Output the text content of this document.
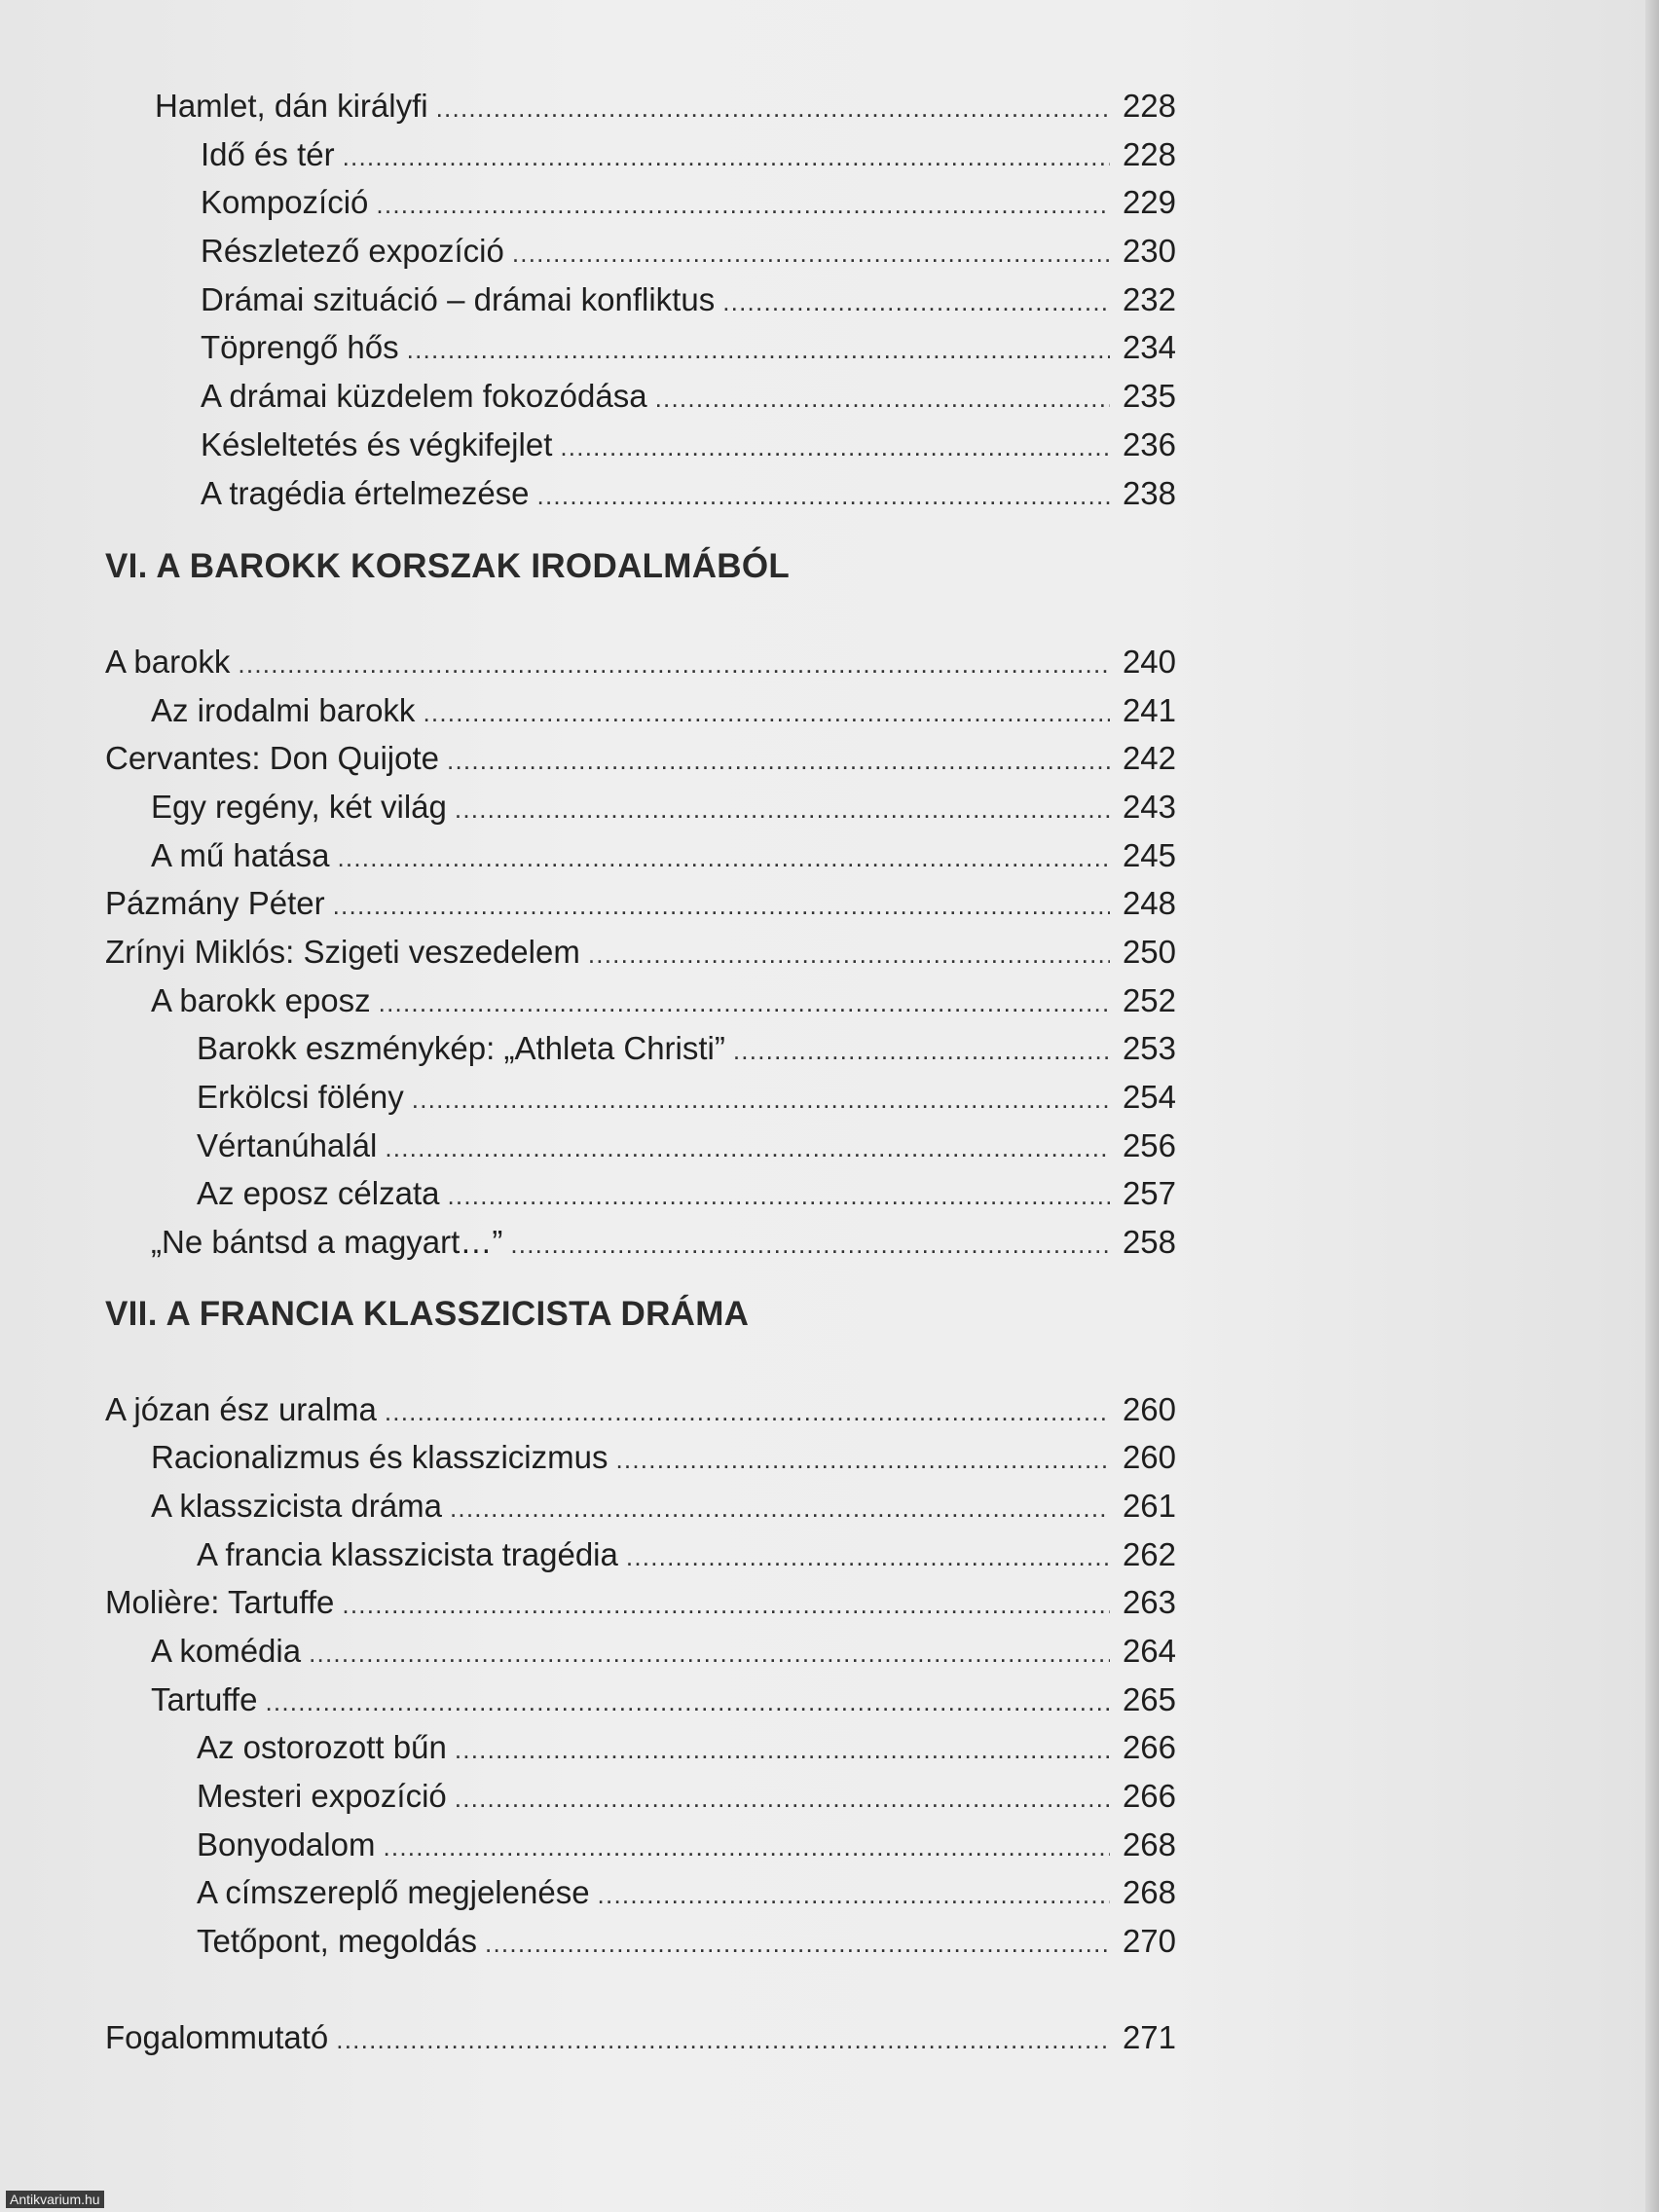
Hamlet, dán királyfi . . .	228
Idő és tér . . .	228
Kompozíció . . .	229
Részletező expozíció . . .	230
Drámai szituáció – drámai konfliktus . . .	232
Töprengő hős . . .	234
A drámai küzdelem fokozódása . . .	235
Késleltetés és végkifejlet . . .	236
A tragédia értelmezése . . .	238
VI. A BAROKK KORSZAK IRODALMÁBÓL
A barokk . . .	240
Az irodalmi barokk . . .	241
Cervantes: Don Quijote . . .	242
Egy regény, két világ . . .	243
A mű hatása . . .	245
Pázmány Péter . . .	248
Zrínyi Miklós: Szigeti veszedelem . . .	250
A barokk eposz . . .	252
Barokk eszménykép: „Athleta Christi” . . .	253
Erkölcsi fölény . . .	254
Vértanúhalál . . .	256
Az eposz célzata . . .	257
„Ne bántsd a magyart…” . . .	258
VII. A FRANCIA KLASSZICISTA DRÁMA
A józan ész uralma . . .	260
Racionalizmus és klasszicizmus . . .	260
A klasszicista dráma . . .	261
A francia klasszicista tragédia . . .	262
Molière: Tartuffe . . .	263
A komédia . . .	264
Tartuffe . . .	265
Az ostorozott bűn . . .	266
Mesteri expozíció . . .	266
Bonyodalom . . .	268
A címszereplő megjelenése . . .	268
Tetőpont, megoldás . . .	270
Fogalommutató . . .	271
Antikvarium.hu
